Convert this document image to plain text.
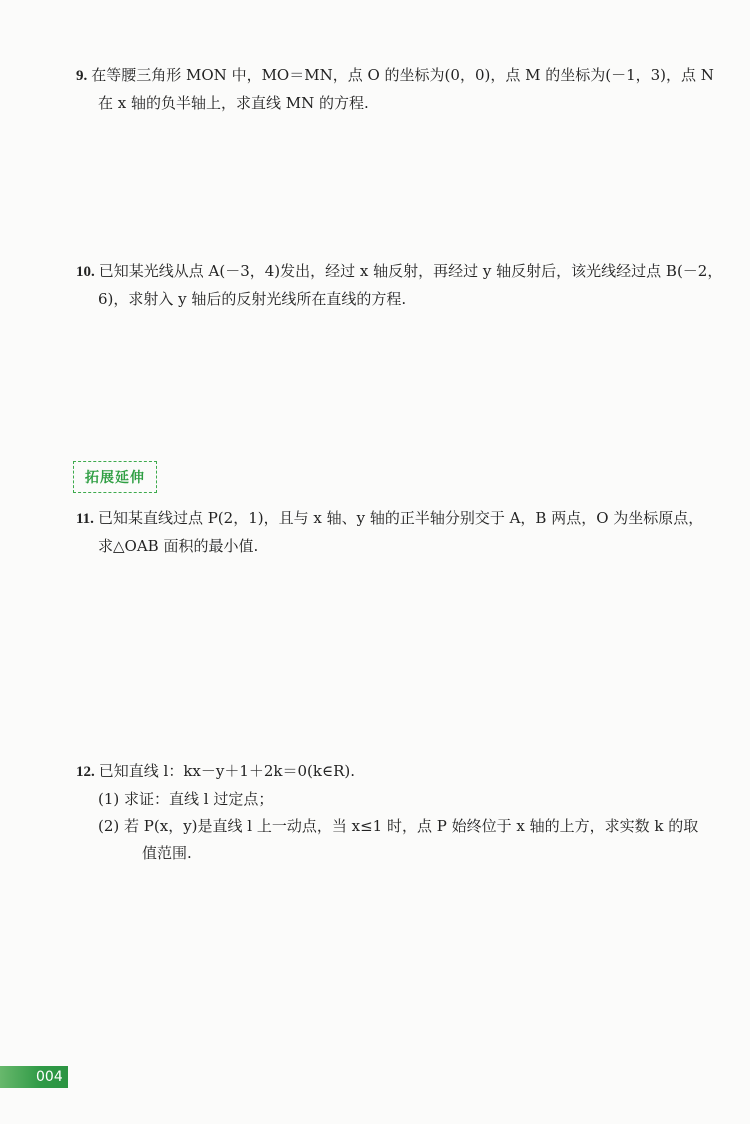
9. 在等腰三角形 MON 中，MO＝MN，点 O 的坐标为(0，0)，点 M 的坐标为(－1，3)，点 N
在 x 轴的负半轴上，求直线 MN 的方程.
10. 已知某光线从点 A(－3，4)发出，经过 x 轴反射，再经过 y 轴反射后，该光线经过点 B(－2，
6)，求射入 y 轴后的反射光线所在直线的方程.
拓展延伸
11. 已知某直线过点 P(2，1)，且与 x 轴、y 轴的正半轴分别交于 A，B 两点，O 为坐标原点，
求△OAB 面积的最小值.
12. 已知直线 l：kx－y＋1＋2k＝0(k∈R).
(1) 求证：直线 l 过定点；
(2) 若 P(x，y)是直线 l 上一动点，当 x≤1 时，点 P 始终位于 x 轴的上方，求实数 k 的取
值范围.
004
